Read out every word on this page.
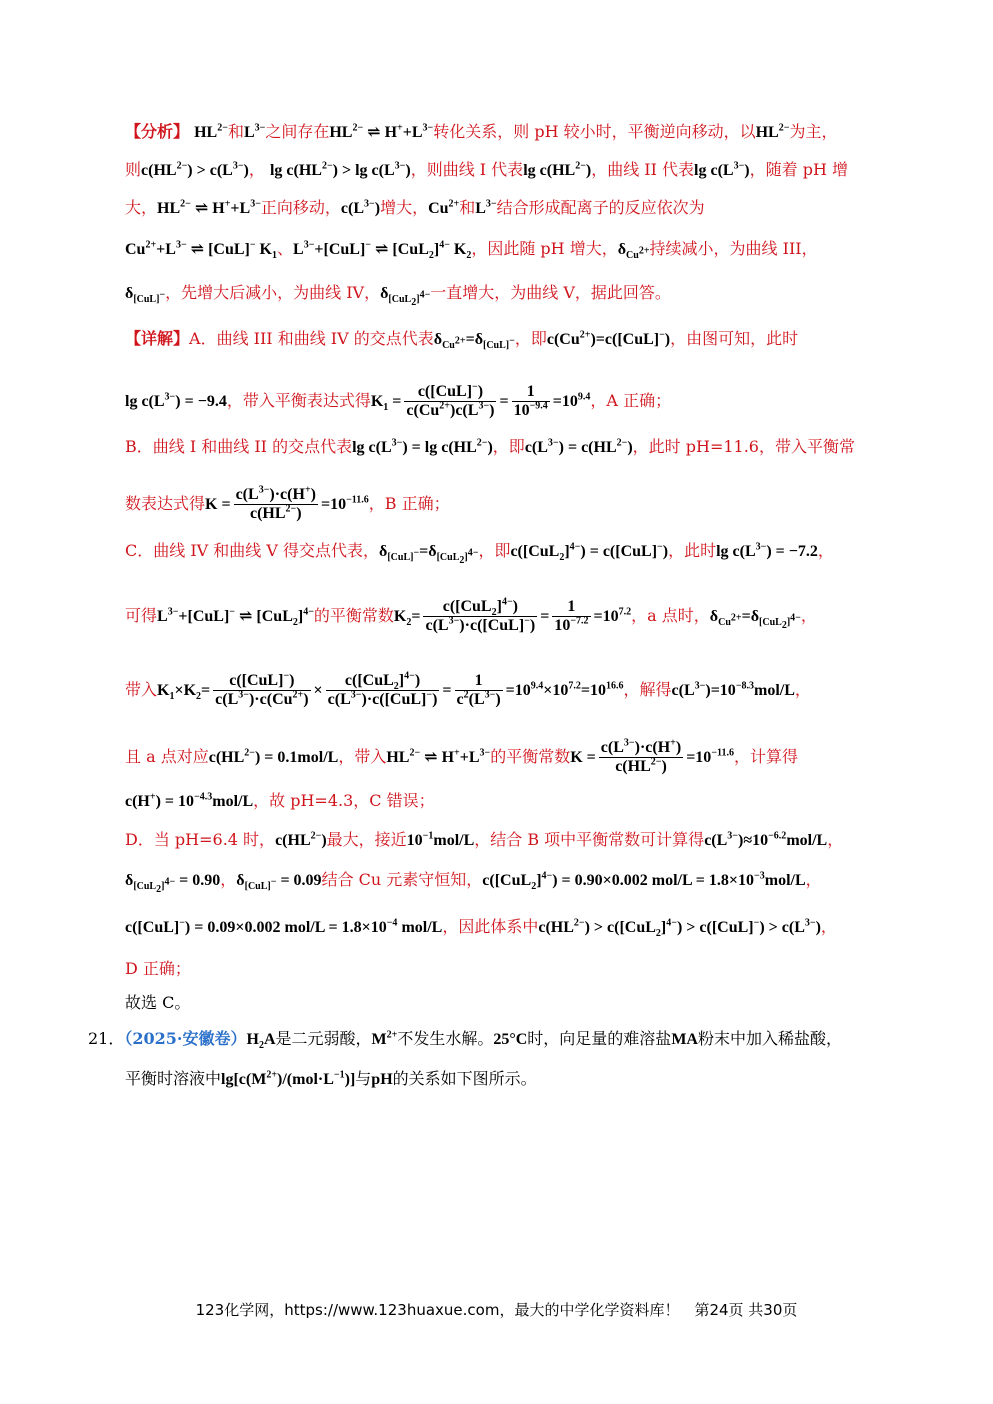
【分析】 $HL^{2-}$和$L^{3-}$之间存在$HL^{2-}$ ⇌ $H^++L^{3-}$转化关系，则 pH 较小时，平衡逆向移动，以$HL^{2-}$为主，
则$c(HL^{2-}) > c(L^{3-})$， $\lg c(HL^{2-}) > \lg c(L^{3-})$，则曲线 I 代表$\lg c(HL^{2-})$，曲线 II 代表$\lg c(L^{3-})$，随着 pH 增
大，$HL^{2-}$ ⇌ $H^++L^{3-}$正向移动，$c(L^{3-})$增大，$Cu^{2+}$和$L^{3-}$结合形成配离子的反应依次为
$Cu^{2+}+L^{3-}$ ⇌ [CuL]− $K_1$、$L^{3-}+[CuL]^-$ ⇌ $[CuL_2]^{4-}$ $K_2$，因此随 pH 增大，$\delta_{Cu^{2+}}$持续减小，为曲线 III，
$\delta_{[CuL]^-}$，先增大后减小，为曲线 IV，$\delta_{[CuL_2]^{4-}}$一直增大，为曲线 V，据此回答。
【详解】A．曲线 III 和曲线 IV 的交点代表$\delta_{Cu^{2+}}=\delta_{[CuL]^-}$，即$c(Cu^{2+})=c([CuL]^-)$，由图可知，此时
$\lg c(L^{3-}) = -9.4$，带入平衡表达式得$K_1 = \frac{c([CuL]^-)}{c(Cu^{2+})c(L^{3-})} = \frac{1}{10^{-9.4}} =10^{9.4}$，A 正确；
B．曲线 I 和曲线 II 的交点代表$\lg c(L^{3-}) = \lg c(HL^{2-})$，即$c(L^{3-}) = c(HL^{2-})$，此时 pH=11.6，带入平衡常
数表达式得$K = \frac{c(L^{3-})\cdot c(H^+)}{c(HL^{2-})} =10^{-11.6}$，B 正确；
C．曲线 IV 和曲线 V 得交点代表，$\delta_{[CuL]^-}=\delta_{[CuL_2]^{4-}}$，即$c([CuL_2]^{4-}) = c([CuL]^-)$，此时$\lg c(L^{3-}) = -7.2$，
可得$L^{3-}+[CuL]^-$ ⇌ $[CuL_2]^{4-}$的平衡常数$K_2= \frac{c([CuL_2]^{4-})}{c(L^{3-})\cdot c([CuL]^-)} = \frac{1}{10^{-7.2}} =10^{7.2}$，a 点时，$\delta_{Cu^{2+}}=\delta_{[CuL_2]^{4-}}$，
带入$K_1\times K_2= \frac{c([CuL]^-)}{c(L^{3-})\cdot c(Cu^{2+})} \times \frac{c([CuL_2]^{4-})}{c(L^{3-})\cdot c([CuL]^-)} = \frac{1}{c^2(L^{3-})} =10^{9.4}\times 10^{7.2}=10^{16.6}$，解得$c(L^{3-})=10^{-8.3}mol/L$，
且 a 点对应$c(HL^{2-}) = 0.1mol/L$，带入$HL^{2-}$ ⇌ $H^++L^{3-}$的平衡常数$K = \frac{c(L^{3-})\cdot c(H^+)}{c(HL^{2-})} =10^{-11.6}$，计算得
$c(H^+) = 10^{-4.3}mol/L$，故 pH=4.3，C 错误；
D．当 pH=6.4 时，$c(HL^{2-})$最大，接近$10^{-1}mol/L$，结合 B 项中平衡常数可计算得$c(L^{3-})\approx 10^{-6.2}mol/L$，
$\delta_{[CuL_2]^{4-}} = 0.90$，$\delta_{[CuL]^-} = 0.09$结合 Cu 元素守恒知，$c([CuL_2]^{4-}) = 0.90\times 0.002$ $mol/L = 1.8\times 10^{-3}mol/L$，
c([CuL]−) = 0.09×0.002 $mol/L = 1.8\times 10^{-4}$ mol/L，因此体系中$c(HL^{2-}) > c([CuL_2]^{4-}) > c([CuL]^-) > c(L^{3-})$，
D 正确；
故选 C。
21．（2025·安徽卷）$H_2A$是二元弱酸，$M^{2+}$不发生水解。25°C时，向足量的难溶盐MA粉末中加入稀盐酸，
平衡时溶液中$\lg[c(M^{2+})/(mol\cdot L^{-1})]$与pH的关系如下图所示。
123化学网，https://www.123huaxue.com，最大的中学化学资料库！　第24页 共30页
